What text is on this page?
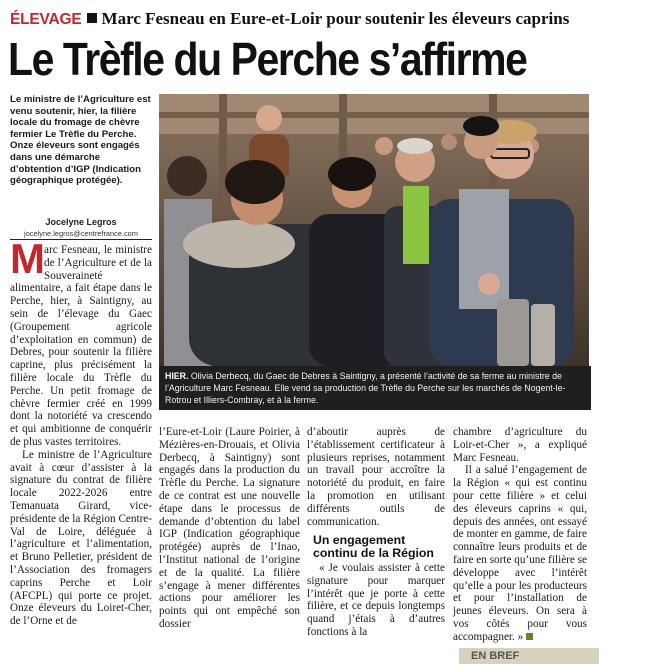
ÉLEVAGE Marc Fesneau en Eure-et-Loir pour soutenir les éleveurs caprins
Le Trèfle du Perche s’affirme
Le ministre de l’Agriculture est venu soutenir, hier, la filière locale du fromage de chèvre fermier Le Trèfle du Perche. Onze éleveurs sont engagés dans une démarche d’obtention d’IGP (Indication géographique protégée).
Jocelyne Legros
jocelyne.legros@centrefrance.com
HIER. Olivia Derbecq, du Gaec de Debres à Saintigny, a présenté l’activité de sa ferme au ministre de l’Agriculture Marc Fesneau. Elle vend sa production de Trèfle du Perche sur les marchés de Nogent-le-Rotrou et Illiers-Combray, et à la ferme.
M arc Fesneau, le ministre de l’Agriculture et de la Souveraineté alimentaire, a fait étape dans le Perche, hier, à Saintigny, au sein de l’élevage du Gaec (Groupement agricole d’exploitation en commun) de Debres, pour soutenir la filière caprine, plus précisément la filière locale du Trèfle du Perche. Un petit fromage de chèvre fermier créé en 1999 dont la notoriété va crescendo et qui ambitionne de conquérir de plus vastes territoires.

Le ministre de l’Agriculture avait à cœur d’assister à la signature du contrat de filière locale 2022-2026 entre Temanuata Girard, vice-présidente de la Région Centre-Val de Loire, déléguée à l’agriculture et l’alimentation, et Bruno Pelletier, président de l’Association des fromagers caprins Perche et Loir (AFCPL) qui porte ce projet. Onze éleveurs du Loiret-Cher, de l’Orne et de

l’Eure-et-Loir (Laure Poirier, à Mézières-en-Drouais, et Olivia Derbecq, à Saintigny) sont engagés dans la production du Trèfle du Perche. La signature de ce contrat est une nouvelle étape dans le processus de demande d’obtention du label IGP (Indication géographique protégée) auprès de l’Inao, l’Institut national de l’origine et de la qualité. La filière s’engage à mener différentes actions pour améliorer les points qui ont empêché son dossier

d’aboutir auprès de l’établissement certificateur à plusieurs reprises, notamment un travail pour accroître la notoriété du produit, en faire la promotion en utilisant différents outils de communication.

Un engagement continu de la Région

« Je voulais assister à cette signature pour marquer l’intérêt que je porte à cette filière, et ce depuis longtemps quand j’étais à d’autres fonctions à la

chambre d’agriculture du Loir-et-Cher », a expliqué Marc Fesneau.

Il a salué l’engagement de la Région « qui est continu pour cette filière » et celui des éleveurs caprins « qui, depuis des années, ont essayé de monter en gamme, de faire connaître leurs produits et de faire en sorte qu’une filière se développe avec l’intérêt qu’elle a pour les producteurs et pour l’installation de jeunes éleveurs. On sera à vos côtés pour vous accompagner. »

EN BREF
